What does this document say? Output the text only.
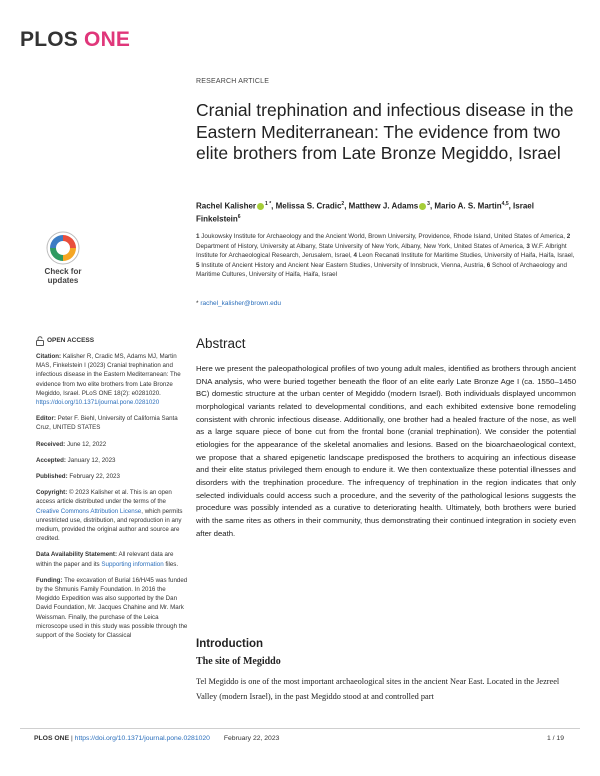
PLOS ONE
RESEARCH ARTICLE
Cranial trephination and infectious disease in the Eastern Mediterranean: The evidence from two elite brothers from Late Bronze Megiddo, Israel
Rachel Kalisher $^{1 *}$, Melissa S. Cradic$^2$, Matthew J. Adams $^3$, Mario A. S. Martin$^{4,5}$, Israel Finkelstein$^6$
1 Joukowsky Institute for Archaeology and the Ancient World, Brown University, Providence, Rhode Island, United States of America, 2 Department of History, University at Albany, State University of New York, Albany, New York, United States of America, 3 W.F. Albright Institute for Archaeological Research, Jerusalem, Israel, 4 Leon Recanati Institute for Maritime Studies, University of Haifa, Haifa, Israel, 5 Institute of Ancient History and Ancient Near Eastern Studies, University of Innsbruck, Vienna, Austria, 6 School of Archaeology and Maritime Cultures, University of Haifa, Haifa, Israel
* rachel_kalisher@brown.edu
Check for
updates
OPEN ACCESS

Citation: Kalisher R, Cradic MS, Adams MJ, Martin MAS, Finkelstein I (2023) Cranial trephination and infectious disease in the Eastern Mediterranean: The evidence from two elite brothers from Late Bronze Megiddo, Israel. PLoS ONE 18(2): e0281020. https://doi.org/10.1371/journal.pone.0281020

Editor: Peter F. Biehl, University of California Santa Cruz, UNITED STATES

Received: June 12, 2022

Accepted: January 12, 2023

Published: February 22, 2023

Copyright: © 2023 Kalisher et al. This is an open access article distributed under the terms of the Creative Commons Attribution License, which permits unrestricted use, distribution, and reproduction in any medium, provided the original author and source are credited.

Data Availability Statement: All relevant data are within the paper and its Supporting information files.

Funding: The excavation of Burial 16/H/45 was funded by the Shmunis Family Foundation. In 2016 the Megiddo Expedition was also supported by the Dan David Foundation, Mr. Jacques Chahine and Mr. Mark Weissman. Finally, the purchase of the Leica microscope used in this study was possible through the support of the Society for Classical

Abstract

Here we present the paleopathological profiles of two young adult males, identified as brothers through ancient DNA analysis, who were buried together beneath the floor of an elite early Late Bronze Age I (ca. 1550–1450 BC) domestic structure at the urban center of Megiddo (modern Israel). Both individuals displayed uncommon morphological variants related to developmental conditions, and each exhibited extensive bone remodeling consistent with chronic infectious disease. Additionally, one brother had a healed fracture of the nose, as well as a large square piece of bone cut from the frontal bone (cranial trephination). We consider the potential etiologies for the appearance of the skeletal anomalies and lesions. Based on the bioarchaeological context, we propose that a shared epigenetic landscape predisposed the brothers to acquiring an infectious disease and their elite status privileged them enough to endure it. We then contextualize these potential illnesses and disorders with the trephination procedure. The infrequency of trephination in the region indicates that only selected individuals could access such a procedure, and the severity of the pathological lesions suggests the procedure was possibly intended as a curative to deteriorating health. Ultimately, both brothers were buried with the same rites as others in their community, thus demonstrating their continued integration in society even after death.

Introduction
The site of Megiddo

Tel Megiddo is one of the most important archaeological sites in the ancient Near East. Located in the Jezreel Valley (modern Israel), in the past Megiddo stood at and controlled part

PLOS ONE | https://doi.org/10.1371/journal.pone.0281020 February 22, 2023	1 / 19
